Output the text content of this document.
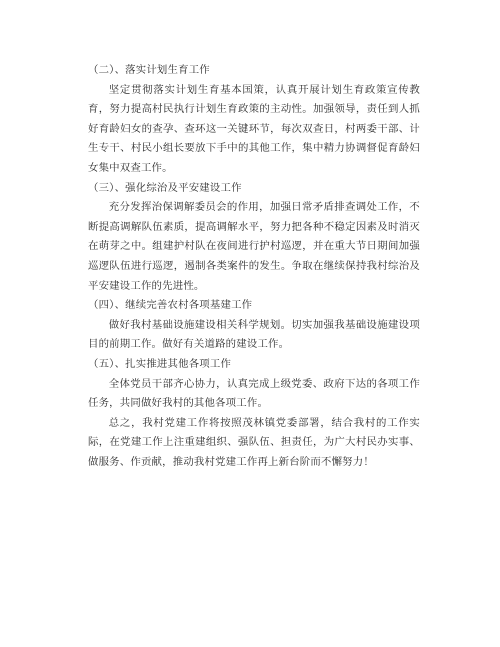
（二）、落实计划生育工作

坚定贯彻落实计划生育基本国策，认真开展计划生育政策宣传教育，努力提高村民执行计划生育政策的主动性。加强领导，责任到人抓好育龄妇女的查孕、查环这一关键环节，每次双查日，村两委干部、计生专干、村民小组长要放下手中的其他工作，集中精力协调督促育龄妇女集中双查工作。

（三）、强化综治及平安建设工作

充分发挥治保调解委员会的作用，加强日常矛盾排查调处工作，不断提高调解队伍素质，提高调解水平，努力把各种不稳定因素及时消灭在萌芽之中。组建护村队在夜间进行护村巡逻，并在重大节日期间加强巡逻队伍进行巡逻，遏制各类案件的发生。争取在继续保持我村综治及平安建设工作的先进性。

（四）、继续完善农村各项基建工作

做好我村基础设施建设相关科学规划。切实加强我基础设施建设项目的前期工作。做好有关道路的建设工作。

（五）、扎实推进其他各项工作

全体党员干部齐心协力，认真完成上级党委、政府下达的各项工作任务，共同做好我村的其他各项工作。

总之，我村党建工作将按照茂林镇党委部署，结合我村的工作实际，在党建工作上注重建组织、强队伍、担责任，为广大村民办实事、做服务、作贡献，推动我村党建工作再上新台阶而不懈努力！
